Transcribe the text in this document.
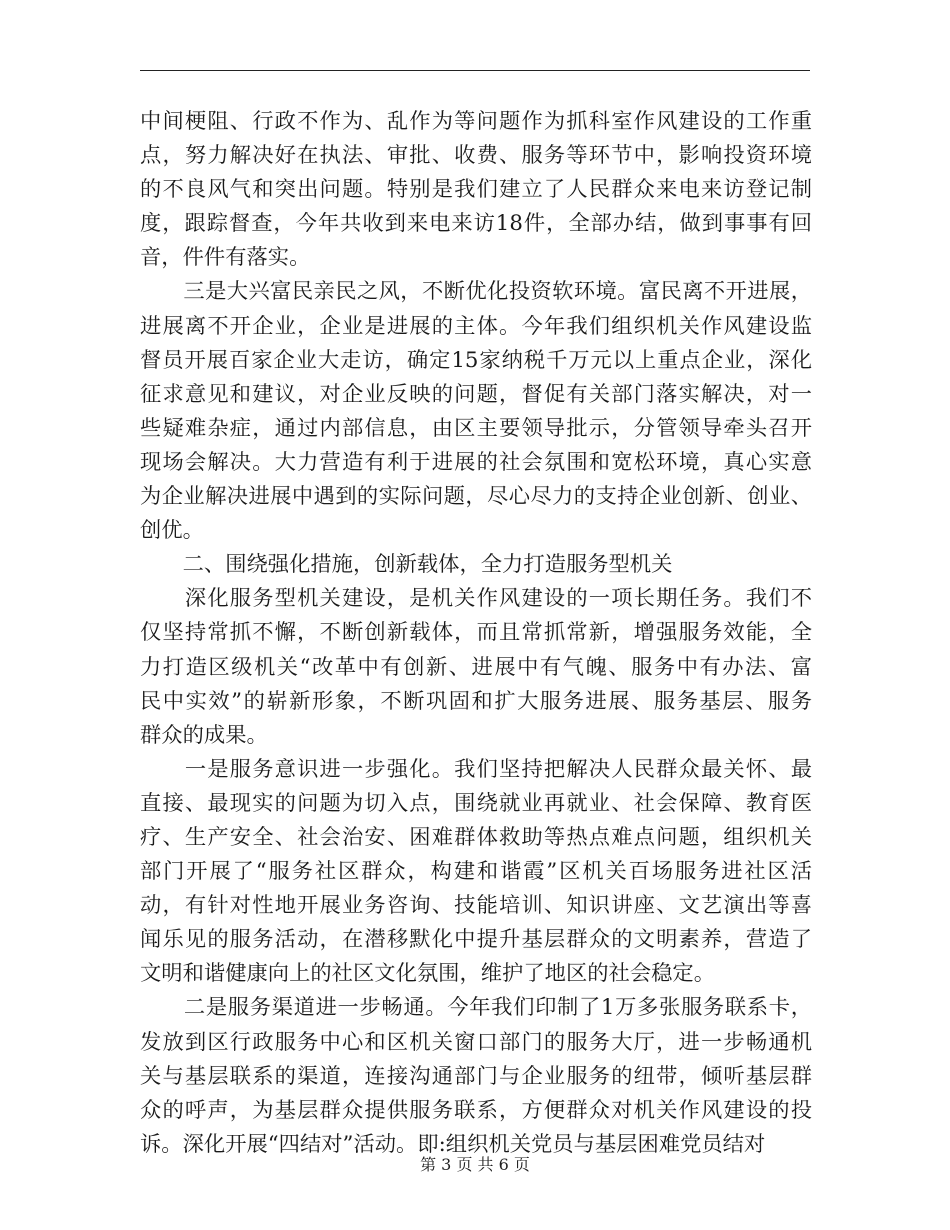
中间梗阻、行政不作为、乱作为等问题作为抓科室作风建设的工作重
点，努力解决好在执法、审批、收费、服务等环节中，影响投资环境
的不良风气和突出问题。特别是我们建立了人民群众来电来访登记制
度，跟踪督查，今年共收到来电来访18件，全部办结，做到事事有回
音，件件有落实。
　　三是大兴富民亲民之风，不断优化投资软环境。富民离不开进展，
进展离不开企业，企业是进展的主体。今年我们组织机关作风建设监
督员开展百家企业大走访，确定15家纳税千万元以上重点企业，深化
征求意见和建议，对企业反映的问题，督促有关部门落实解决，对一
些疑难杂症，通过内部信息，由区主要领导批示，分管领导牵头召开
现场会解决。大力营造有利于进展的社会氛围和宽松环境，真心实意
为企业解决进展中遇到的实际问题，尽心尽力的支持企业创新、创业、
创优。
　　二、围绕强化措施，创新载体，全力打造服务型机关
　　深化服务型机关建设，是机关作风建设的一项长期任务。我们不
仅坚持常抓不懈，不断创新载体，而且常抓常新，增强服务效能，全
力打造区级机关“改革中有创新、进展中有气魄、服务中有办法、富
民中实效”的崭新形象，不断巩固和扩大服务进展、服务基层、服务
群众的成果。
　　一是服务意识进一步强化。我们坚持把解决人民群众最关怀、最
直接、最现实的问题为切入点，围绕就业再就业、社会保障、教育医
疗、生产安全、社会治安、困难群体救助等热点难点问题，组织机关
部门开展了“服务社区群众，构建和谐霞”区机关百场服务进社区活
动，有针对性地开展业务咨询、技能培训、知识讲座、文艺演出等喜
闻乐见的服务活动，在潜移默化中提升基层群众的文明素养，营造了
文明和谐健康向上的社区文化氛围，维护了地区的社会稳定。
　　二是服务渠道进一步畅通。今年我们印制了1万多张服务联系卡，
发放到区行政服务中心和区机关窗口部门的服务大厅，进一步畅通机
关与基层联系的渠道，连接沟通部门与企业服务的纽带，倾听基层群
众的呼声，为基层群众提供服务联系，方便群众对机关作风建设的投
诉。深化开展“四结对”活动。即:组织机关党员与基层困难党员结对
第 3 页 共 6 页
